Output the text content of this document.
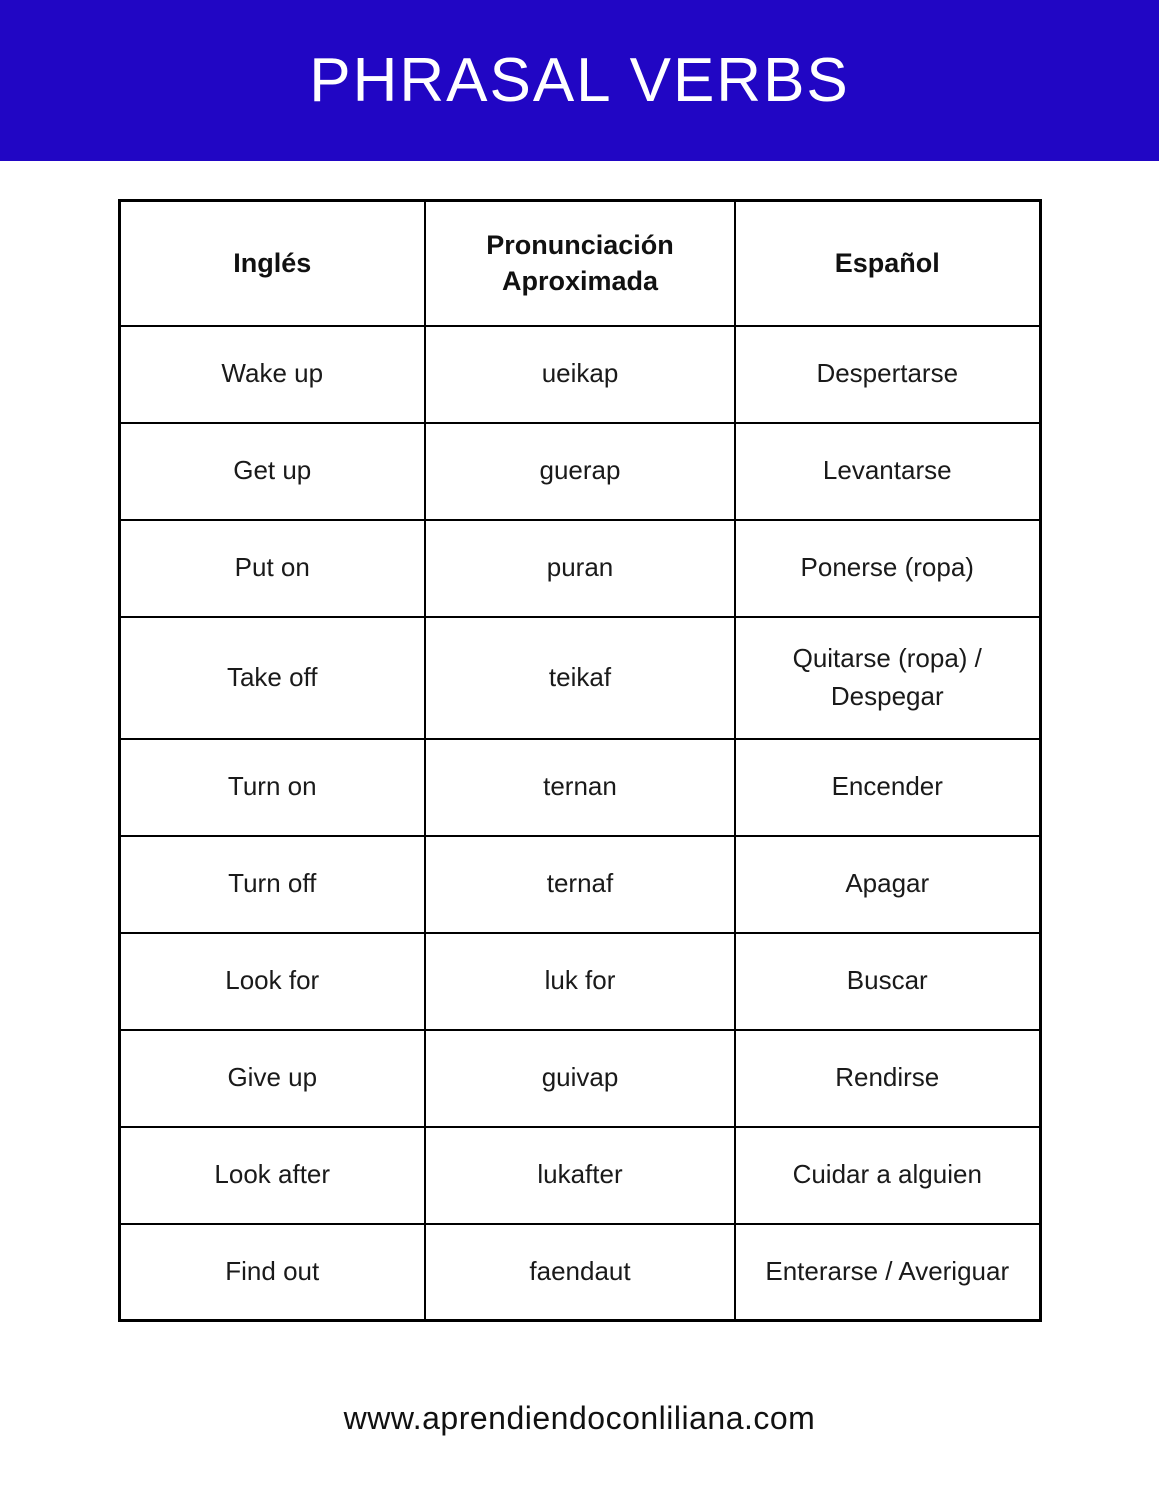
PHRASAL VERBS
Inglés	Pronunciación Aproximada	Español
Wake up	ueikap	Despertarse
Get up	guerap	Levantarse
Put on	puran	Ponerse (ropa)
Take off	teikaf	Quitarse (ropa) / Despegar
Turn on	ternan	Encender
Turn off	ternaf	Apagar
Look for	luk for	Buscar
Give up	guivap	Rendirse
Look after	lukafter	Cuidar a alguien
Find out	faendaut	Enterarse / Averiguar
www.aprendiendoconliliana.com
